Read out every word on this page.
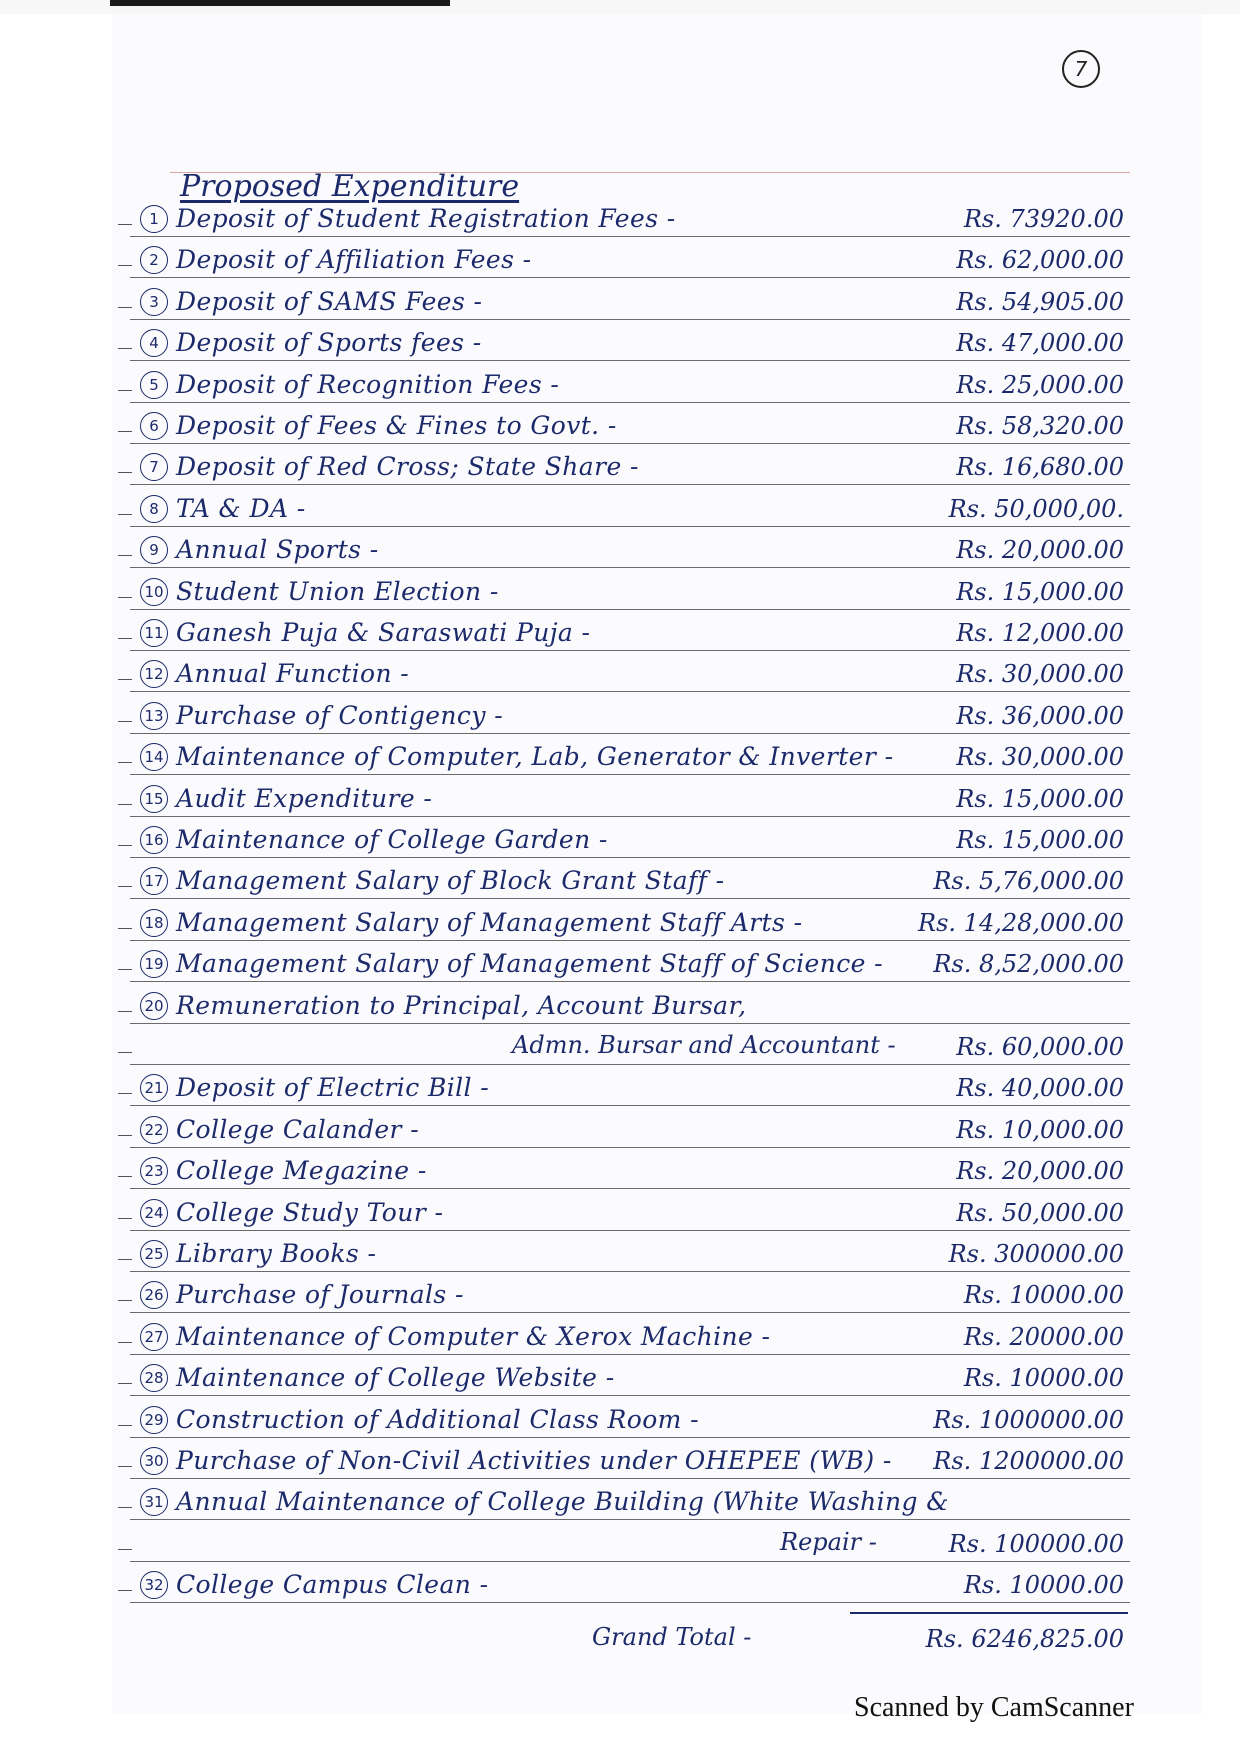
7
Proposed Expenditure
1 Deposit of Student Registration Fees -	Rs. 73920.00
2 Deposit of Affiliation Fees -	Rs. 62,000.00
3 Deposit of SAMS Fees -	Rs. 54,905.00
4 Deposit of Sports fees -	Rs. 47,000.00
5 Deposit of Recognition Fees -	Rs. 25,000.00
6 Deposit of Fees & Fines to Govt. -	Rs. 58,320.00
7 Deposit of Red Cross; State Share -	Rs. 16,680.00
8 TA & DA -	Rs. 50,000,00.
9 Annual Sports -	Rs. 20,000.00
10 Student Union Election -	Rs. 15,000.00
11 Ganesh Puja & Saraswati Puja -	Rs. 12,000.00
12 Annual Function -	Rs. 30,000.00
13 Purchase of Contigency -	Rs. 36,000.00
14 Maintenance of Computer, Lab, Generator & Inverter -	Rs. 30,000.00
15 Audit Expenditure -	Rs. 15,000.00
16 Maintenance of College Garden -	Rs. 15,000.00
17 Management Salary of Block Grant Staff -	Rs. 5,76,000.00
18 Management Salary of Management Staff Arts -	Rs. 14,28,000.00
19 Management Salary of Management Staff of Science - Rs. 8,52,000.00
20 Remuneration to Principal, Account Bursar,
Admn. Bursar and Accountant -	Rs. 60,000.00
21 Deposit of Electric Bill -	Rs. 40,000.00
22 College Calander -	Rs. 10,000.00
23 College Megazine -	Rs. 20,000.00
24 College Study Tour -	Rs. 50,000.00
25 Library Books -	Rs. 300000.00
26 Purchase of Journals -	Rs. 10000.00
27 Maintenance of Computer & Xerox Machine -	Rs. 20000.00
28 Maintenance of College Website -	Rs. 10000.00
29 Construction of Additional Class Room -	Rs. 1000000.00
30 Purchase of Non-Civil Activities under OHEPEE (WB) - Rs. 1200000.00
31 Annual Maintenance of College Building (White Washing &
Repair -	Rs. 100000.00
32 College Campus Clean -	Rs. 10000.00
Grand Total -	Rs. 6246,825.00
Scanned by CamScanner
